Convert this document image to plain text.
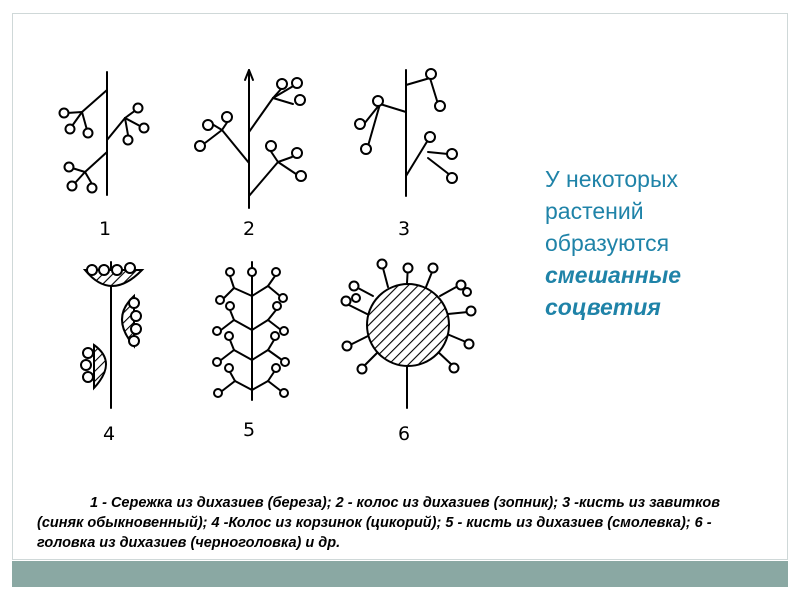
1	2	3
4	5	6
У некоторых
растений
образуются
смешанные
соцветия
1 - Сережка из дихазиев (береза); 2 - колос из дихазиев (зопник); 3 -кисть из завитков (синяк обыкновенный); 4 -Колос из корзинок (цикорий); 5 - кисть из дихазиев (смолевка); 6 - головка из дихазиев (черноголовка) и др.
